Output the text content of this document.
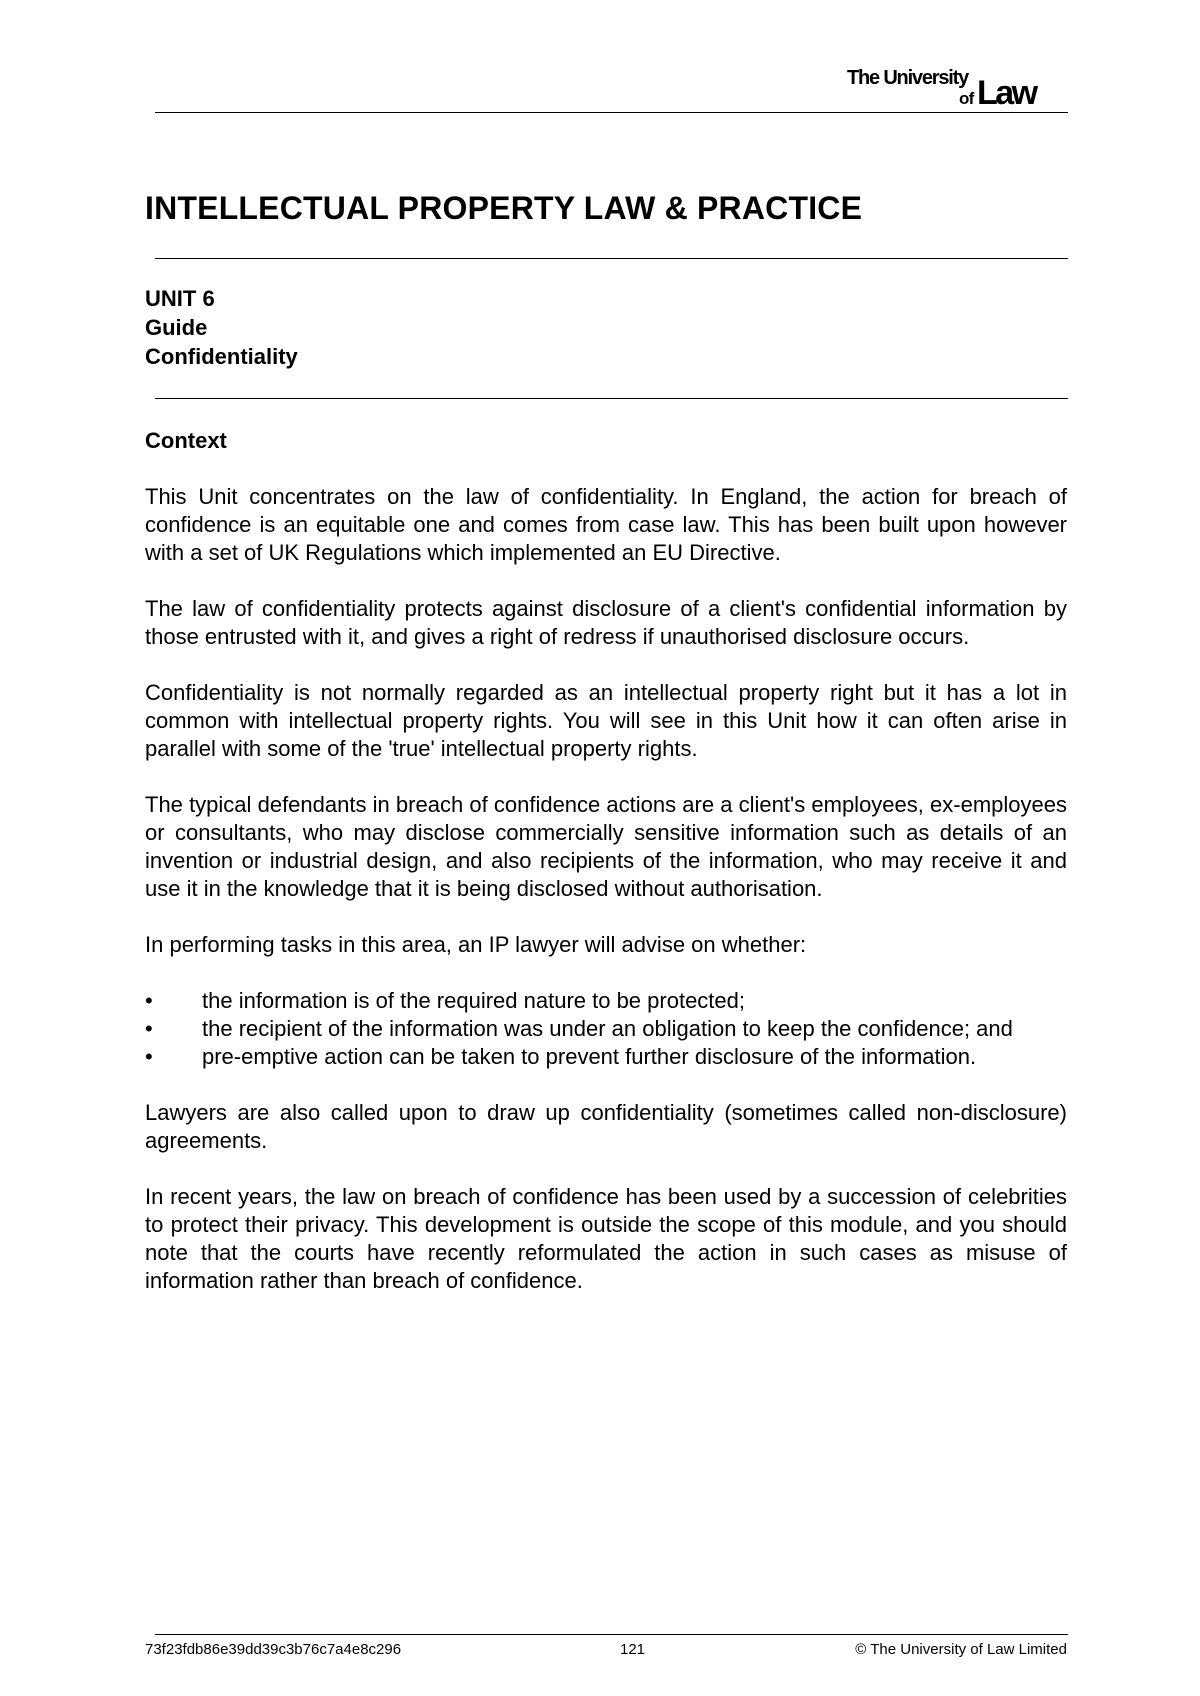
The University
of Law
INTELLECTUAL PROPERTY LAW & PRACTICE
UNIT 6
Guide
Confidentiality
Context

This Unit concentrates on the law of confidentiality. In England, the action for breach of confidence is an equitable one and comes from case law. This has been built upon however with a set of UK Regulations which implemented an EU Directive.

The law of confidentiality protects against disclosure of a client's confidential information by those entrusted with it, and gives a right of redress if unauthorised disclosure occurs.

Confidentiality is not normally regarded as an intellectual property right but it has a lot in common with intellectual property rights. You will see in this Unit how it can often arise in parallel with some of the 'true' intellectual property rights.

The typical defendants in breach of confidence actions are a client's employees, ex-employees or consultants, who may disclose commercially sensitive information such as details of an invention or industrial design, and also recipients of the information, who may receive it and use it in the knowledge that it is being disclosed without authorisation.

In performing tasks in this area, an IP lawyer will advise on whether:

• the information is of the required nature to be protected;
• the recipient of the information was under an obligation to keep the confidence; and
• pre-emptive action can be taken to prevent further disclosure of the information.

Lawyers are also called upon to draw up confidentiality (sometimes called non-disclosure) agreements.

In recent years, the law on breach of confidence has been used by a succession of celebrities to protect their privacy. This development is outside the scope of this module, and you should note that the courts have recently reformulated the action in such cases as misuse of information rather than breach of confidence.

73f23fdb86e39dd39c3b76c7a4e8c296	121	© The University of Law Limited
